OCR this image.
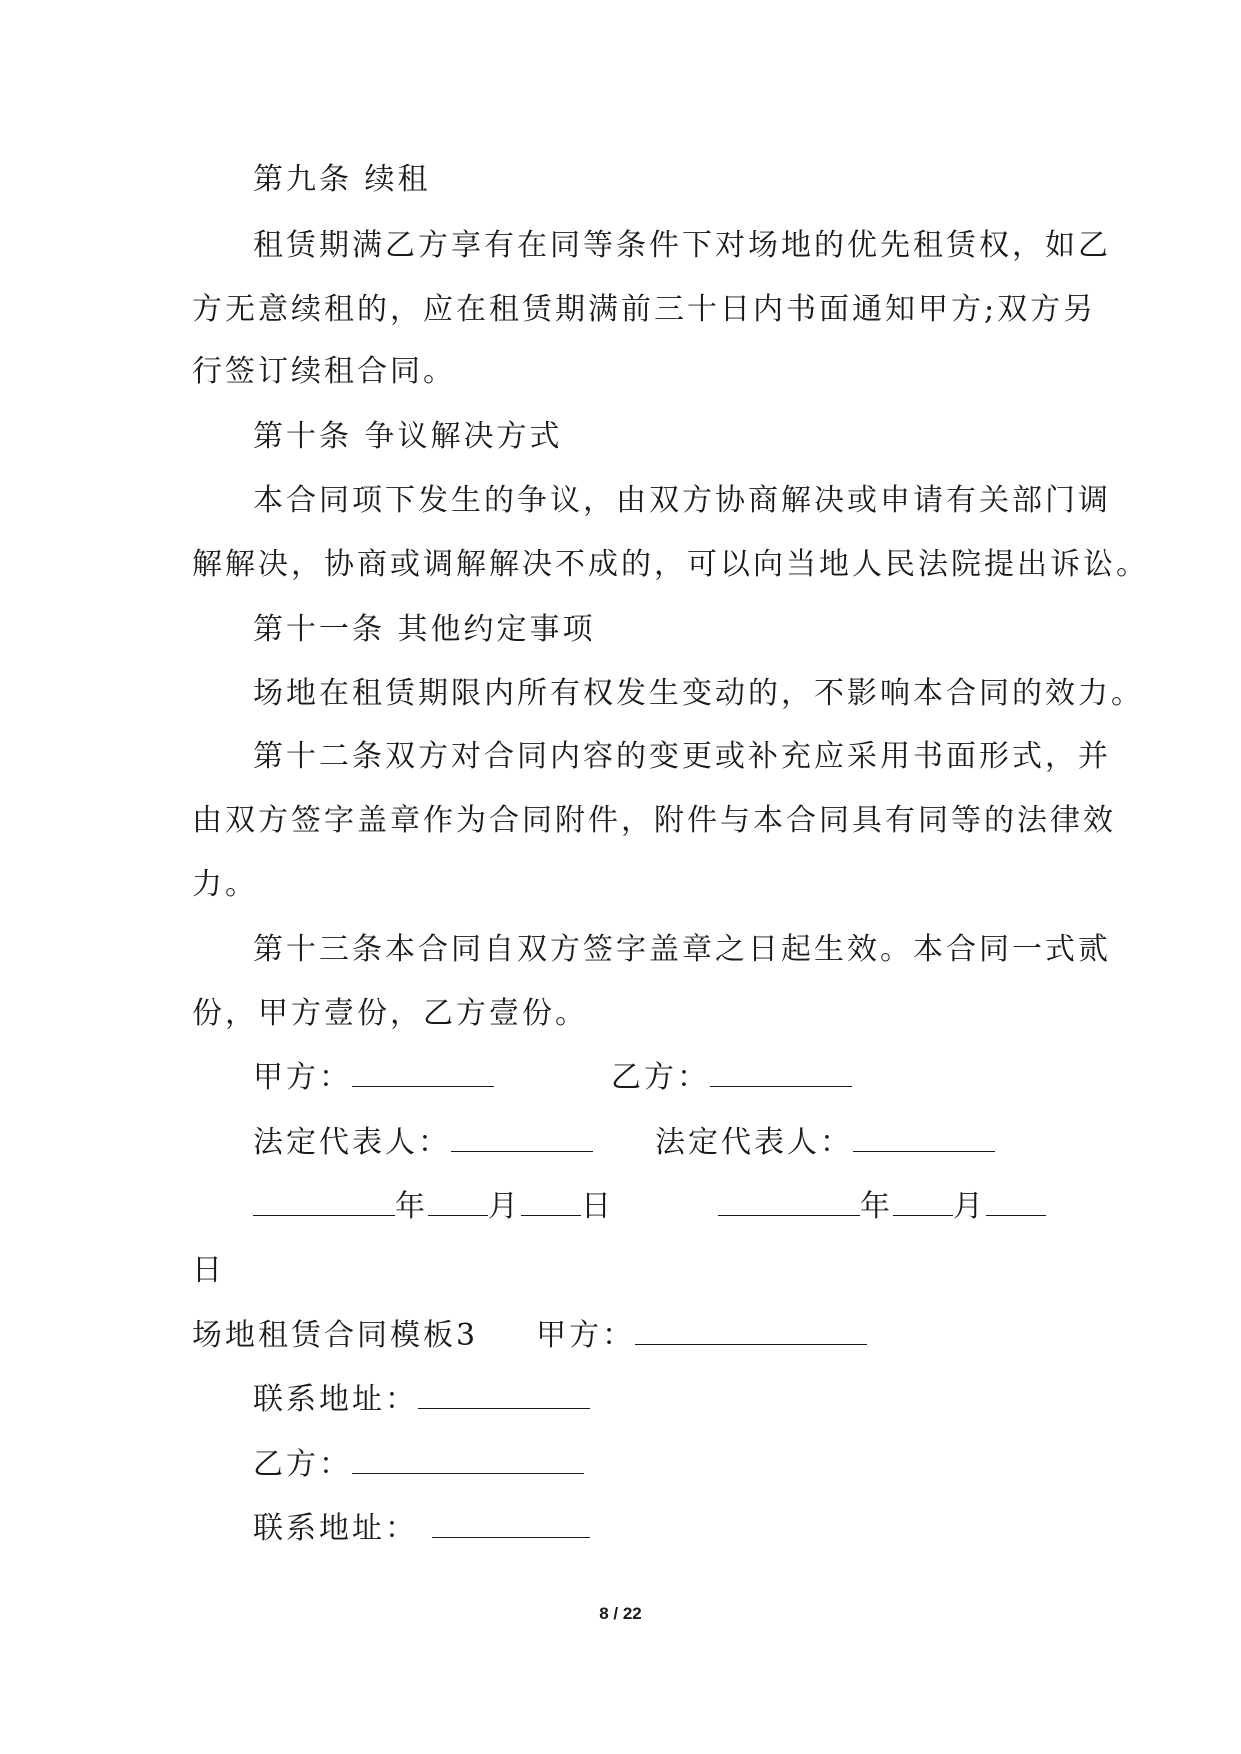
第九条 续租
租赁期满乙方享有在同等条件下对场地的优先租赁权，如乙
方无意续租的，应在租赁期满前三十日内书面通知甲方;双方另
行签订续租合同。
第十条 争议解决方式
本合同项下发生的争议，由双方协商解决或申请有关部门调
解解决，协商或调解解决不成的，可以向当地人民法院提出诉讼。
第十一条 其他约定事项
场地在租赁期限内所有权发生变动的，不影响本合同的效力。
第十二条双方对合同内容的变更或补充应采用书面形式，并
由双方签字盖章作为合同附件，附件与本合同具有同等的法律效
力。
第十三条本合同自双方签字盖章之日起生效。本合同一式贰
份，甲方壹份，乙方壹份。
甲方：	乙方：
法定代表人：	法定代表人：
年 月 日	年 月
日
场地租赁合同模板3 甲方：
联系地址：
乙方：
联系地址：
8 / 22
